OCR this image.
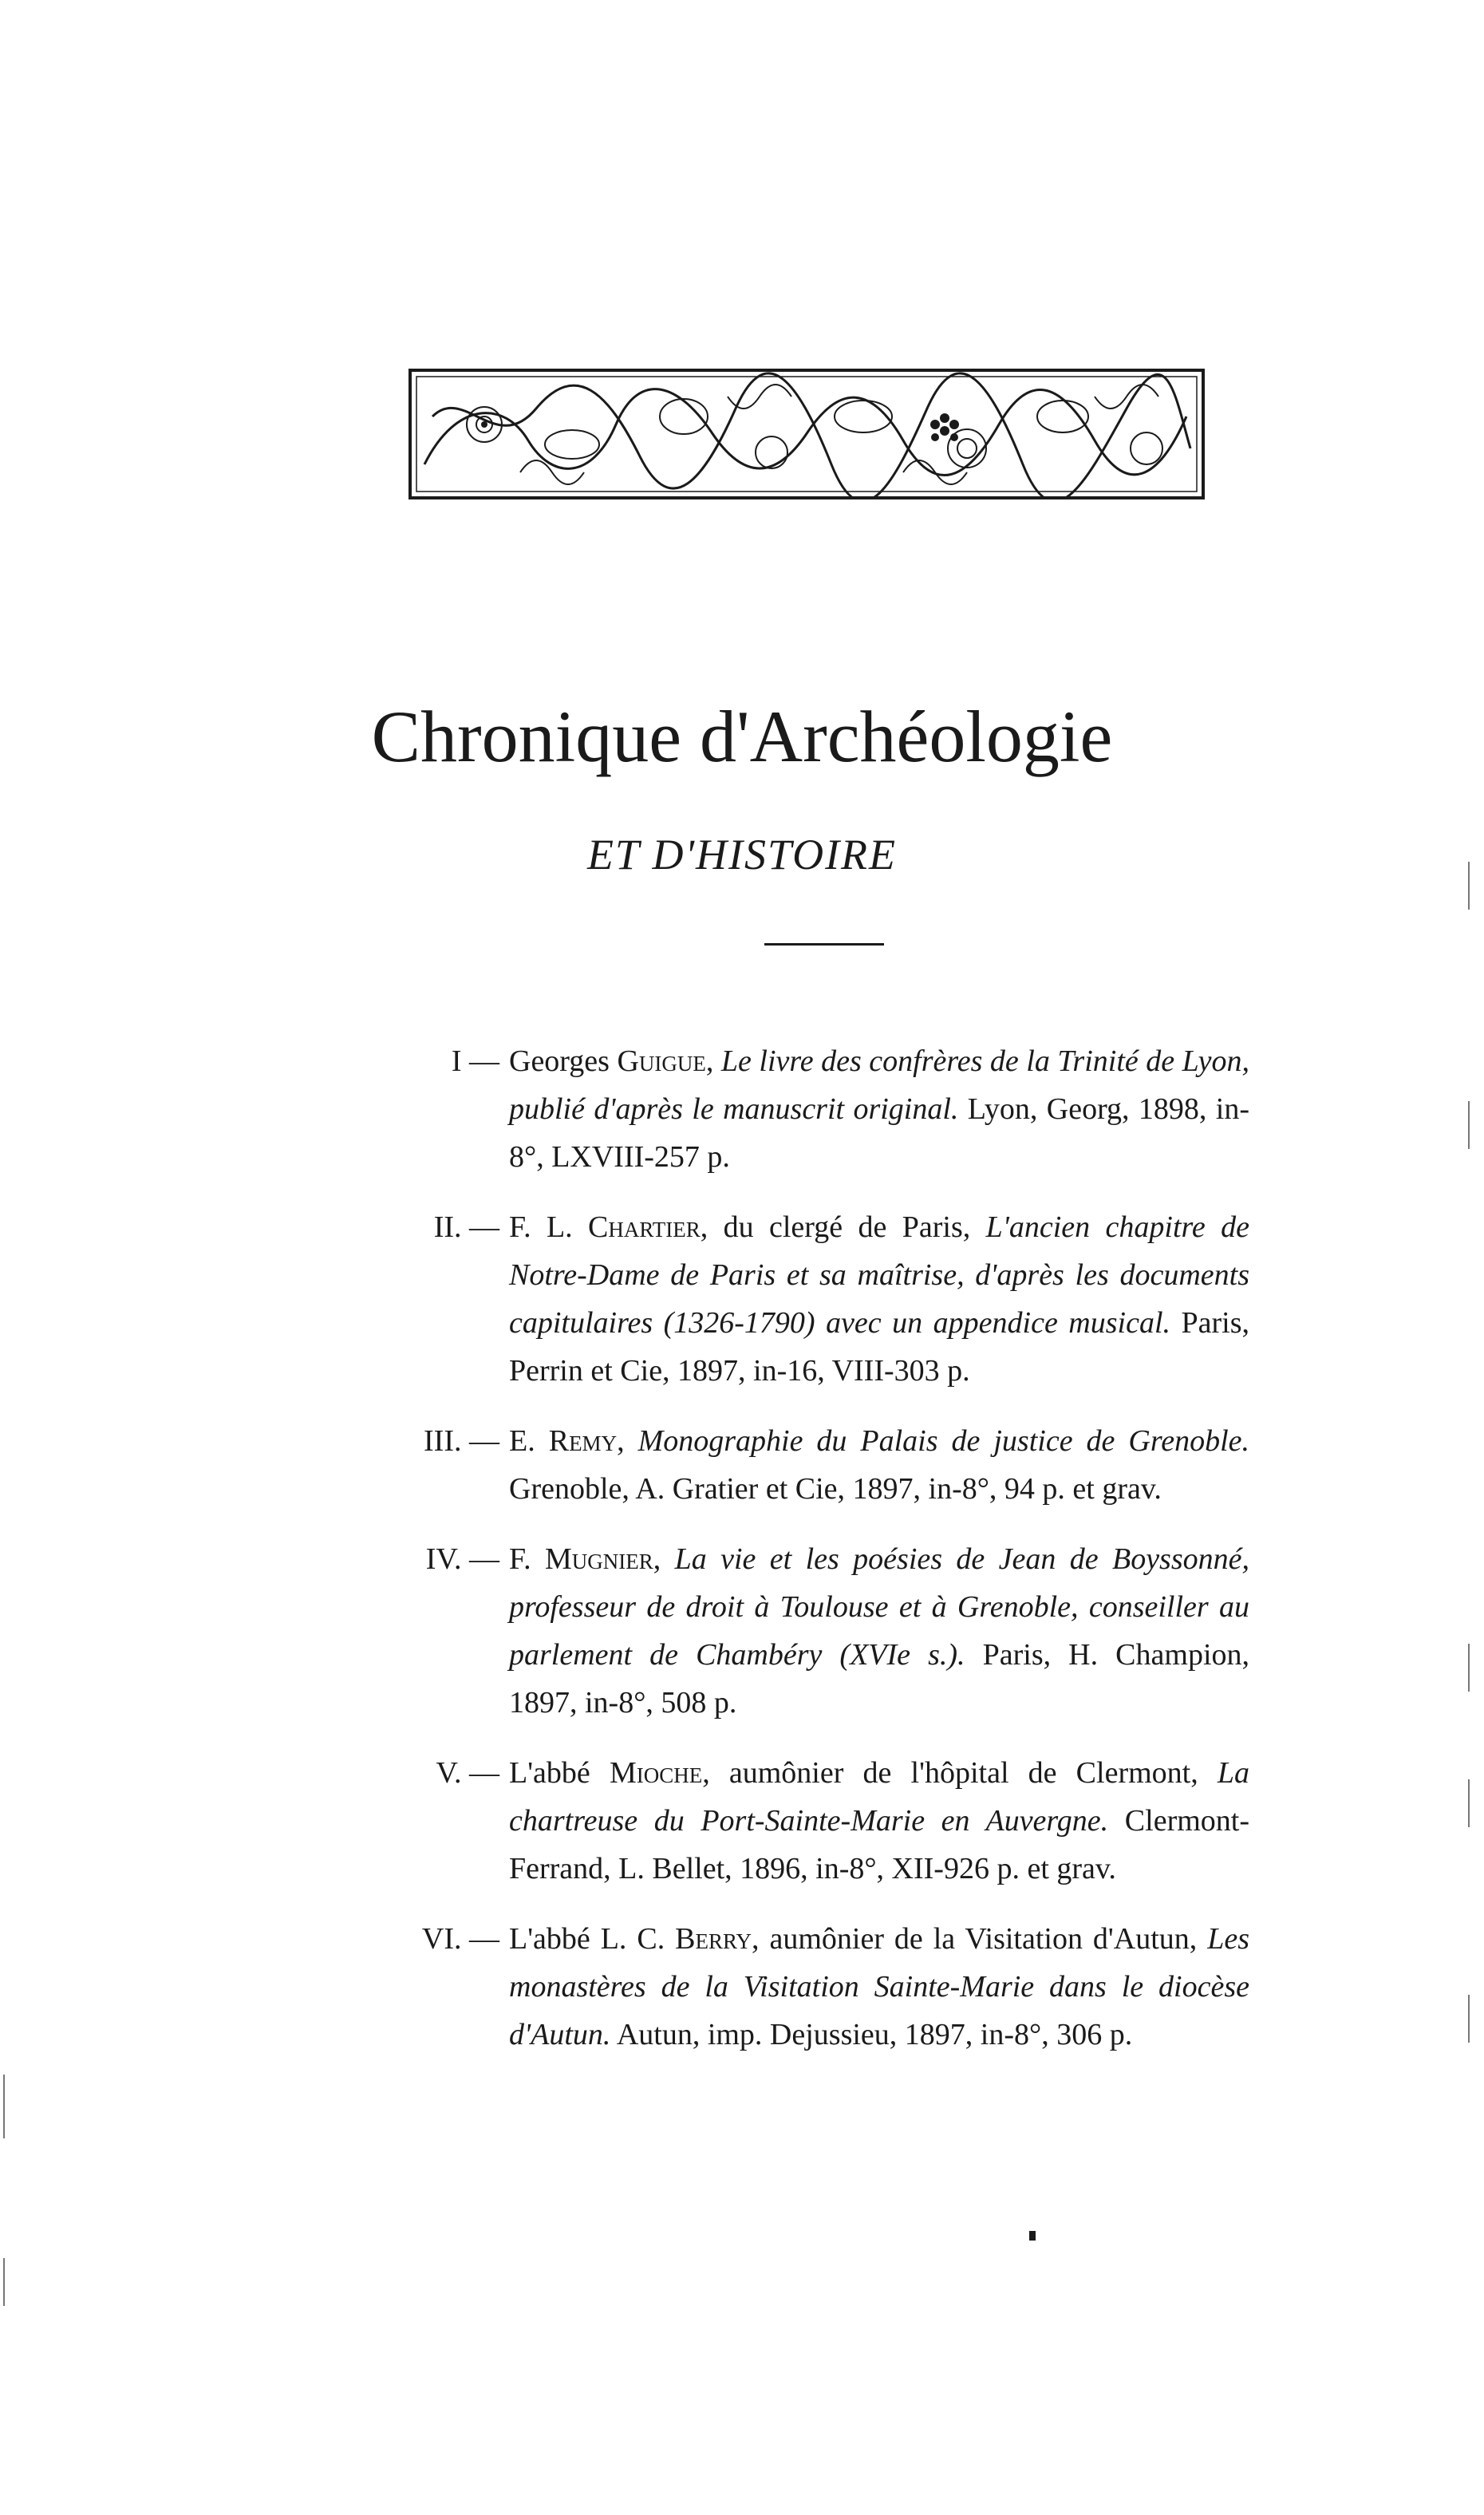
Chronique d'Archéologie
ET D'HISTOIRE
I — Georges Guigue, Le livre des confrères de la Trinité de Lyon, publié d'après le manuscrit original. Lyon, Georg, 1898, in-8°, LXVIII-257 p.
II. — F. L. Chartier, du clergé de Paris, L'ancien chapitre de Notre-Dame de Paris et sa maîtrise, d'après les documents capitulaires (1326-1790) avec un appendice musical. Paris, Perrin et Cie, 1897, in-16, VIII-303 p.
III. — E. Remy, Monographie du Palais de justice de Grenoble. Grenoble, A. Gratier et Cie, 1897, in-8°, 94 p. et grav.
IV. — F. Mugnier, La vie et les poésies de Jean de Boyssonné, professeur de droit à Toulouse et à Grenoble, conseiller au parlement de Chambéry (XVIe s.). Paris, H. Champion, 1897, in-8°, 508 p.
V. — L'abbé Mioche, aumônier de l'hôpital de Clermont, La chartreuse du Port-Sainte-Marie en Auvergne. Clermont-Ferrand, L. Bellet, 1896, in-8°, XII-926 p. et grav.
VI. — L'abbé L. C. Berry, aumônier de la Visitation d'Autun, Les monastères de la Visitation Sainte-Marie dans le diocèse d'Autun. Autun, imp. Dejussieu, 1897, in-8°, 306 p.
